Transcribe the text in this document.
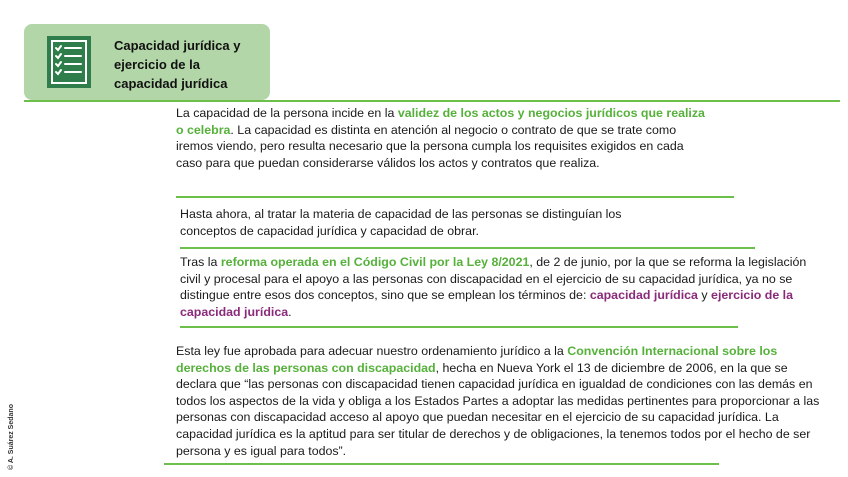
Capacidad jurídica y ejercicio de la capacidad jurídica
La capacidad de la persona incide en la validez de los actos y negocios jurídicos que realiza o celebra. La capacidad es distinta en atención al negocio o contrato de que se trate como iremos viendo, pero resulta necesario que la persona cumpla los requisites exigidos en cada caso para que puedan considerarse válidos los actos y contratos que realiza.
Hasta ahora, al tratar la materia de capacidad de las personas se distinguían los conceptos de capacidad jurídica y capacidad de obrar.
Tras la reforma operada en el Código Civil por la Ley 8/2021, de 2 de junio, por la que se reforma la legislación civil y procesal para el apoyo a las personas con discapacidad en el ejercicio de su capacidad jurídica, ya no se distingue entre esos dos conceptos, sino que se emplean los términos de: capacidad jurídica y ejercicio de la capacidad jurídica.
Esta ley fue aprobada para adecuar nuestro ordenamiento jurídico a la Convención Internacional sobre los derechos de las personas con discapacidad, hecha en Nueva York el 13 de diciembre de 2006, en la que se declara que “las personas con discapacidad tienen capacidad jurídica en igualdad de condiciones con las demás en todos los aspectos de la vida y obliga a los Estados Partes a adoptar las medidas pertinentes para proporcionar a las personas con discapacidad acceso al apoyo que puedan necesitar en el ejercicio de su capacidad jurídica. La capacidad jurídica es la aptitud para ser titular de derechos y de obligaciones, la tenemos todos por el hecho de ser persona y es igual para todos”.
© A. Suárez Sedano
